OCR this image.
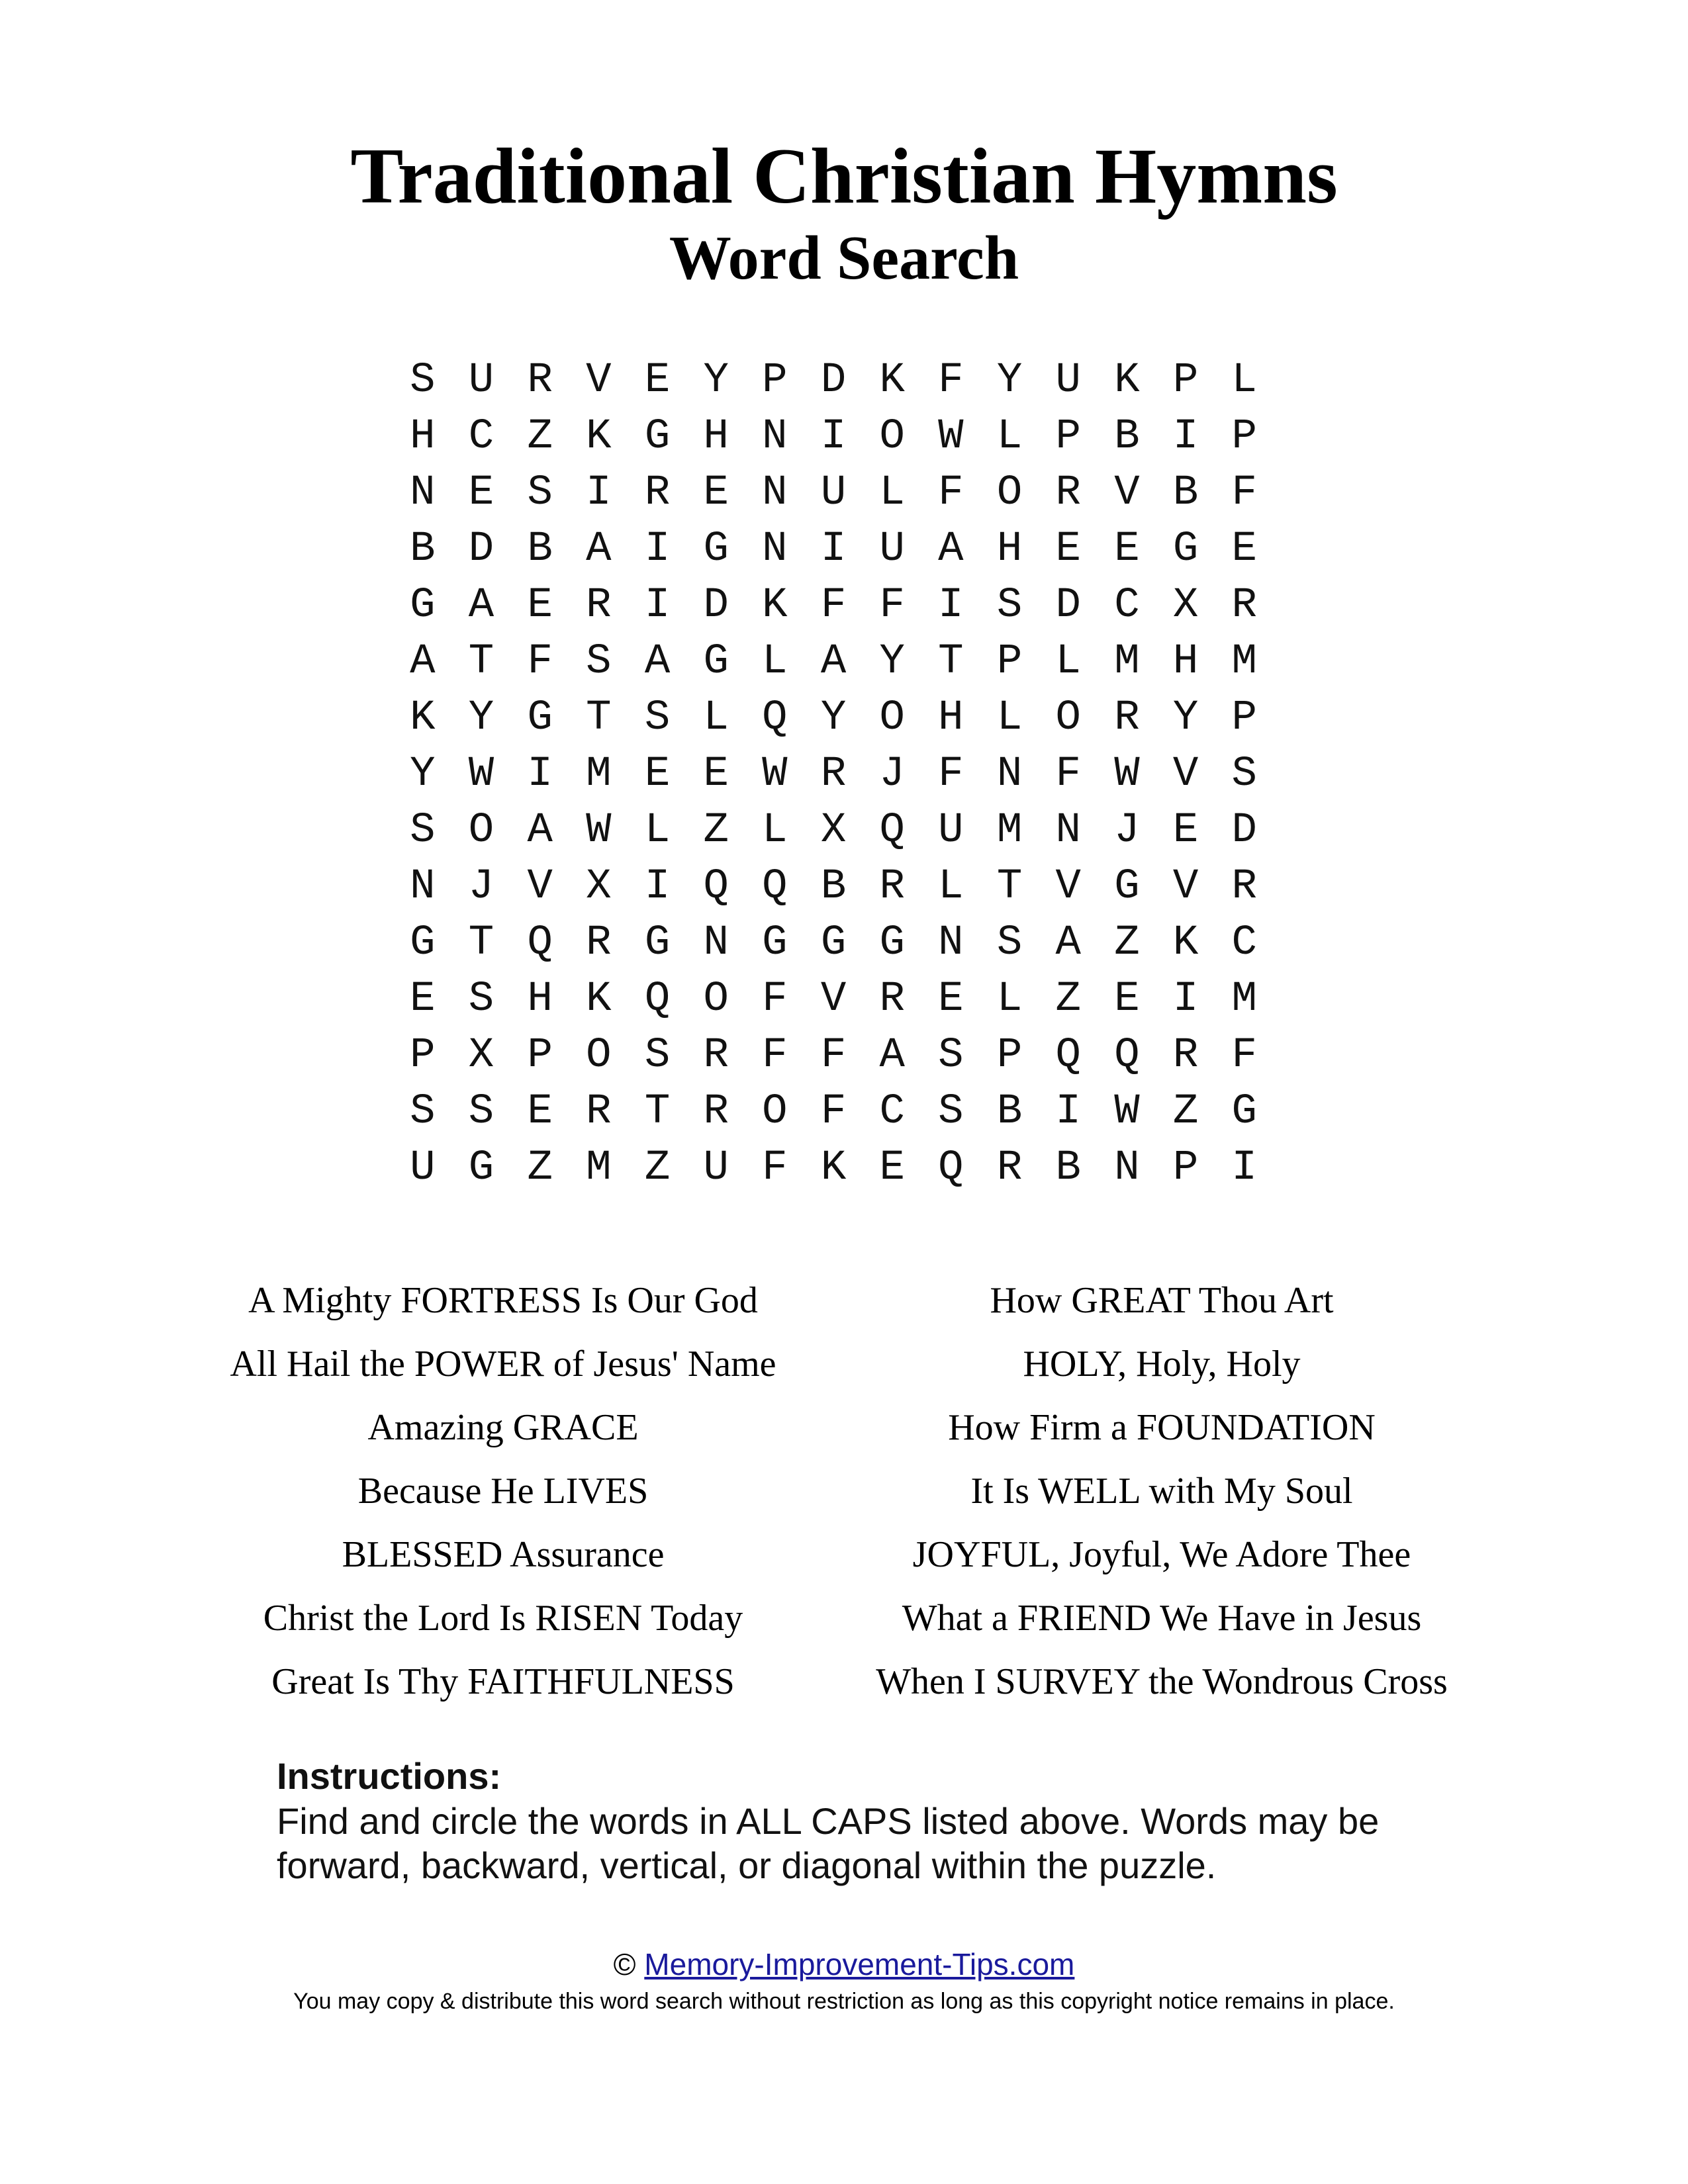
Traditional Christian Hymns
Word Search
S U R V E Y P D K F Y U K P L
H C Z K G H N I O W L P B I P
N E S I R E N U L F O R V B F
B D B A I G N I U A H E E G E
G A E R I D K F F I S D C X R
A T F S A G L A Y T P L M H M
K Y G T S L Q Y O H L O R Y P
Y W I M E E W R J F N F W V S
S O A W L Z L X Q U M N J E D
N J V X I Q Q B R L T V G V R
G T Q R G N G G G N S A Z K C
E S H K Q O F V R E L Z E I M
P X P O S R F F A S P Q Q R F
S S E R T R O F C S B I W Z G
U G Z M Z U F K E Q R B N P I
A Mighty FORTRESS Is Our God
All Hail the POWER of Jesus' Name
Amazing GRACE
Because He LIVES
BLESSED Assurance
Christ the Lord Is RISEN Today
Great Is Thy FAITHFULNESS
How GREAT Thou Art
HOLY, Holy, Holy
How Firm a FOUNDATION
It Is WELL with My Soul
JOYFUL, Joyful, We Adore Thee
What a FRIEND We Have in Jesus
When I SURVEY the Wondrous Cross
Instructions:
Find and circle the words in ALL CAPS listed above. Words may be
forward, backward, vertical, or diagonal within the puzzle.
© Memory-Improvement-Tips.com
You may copy & distribute this word search without restriction as long as this copyright notice remains in place.
